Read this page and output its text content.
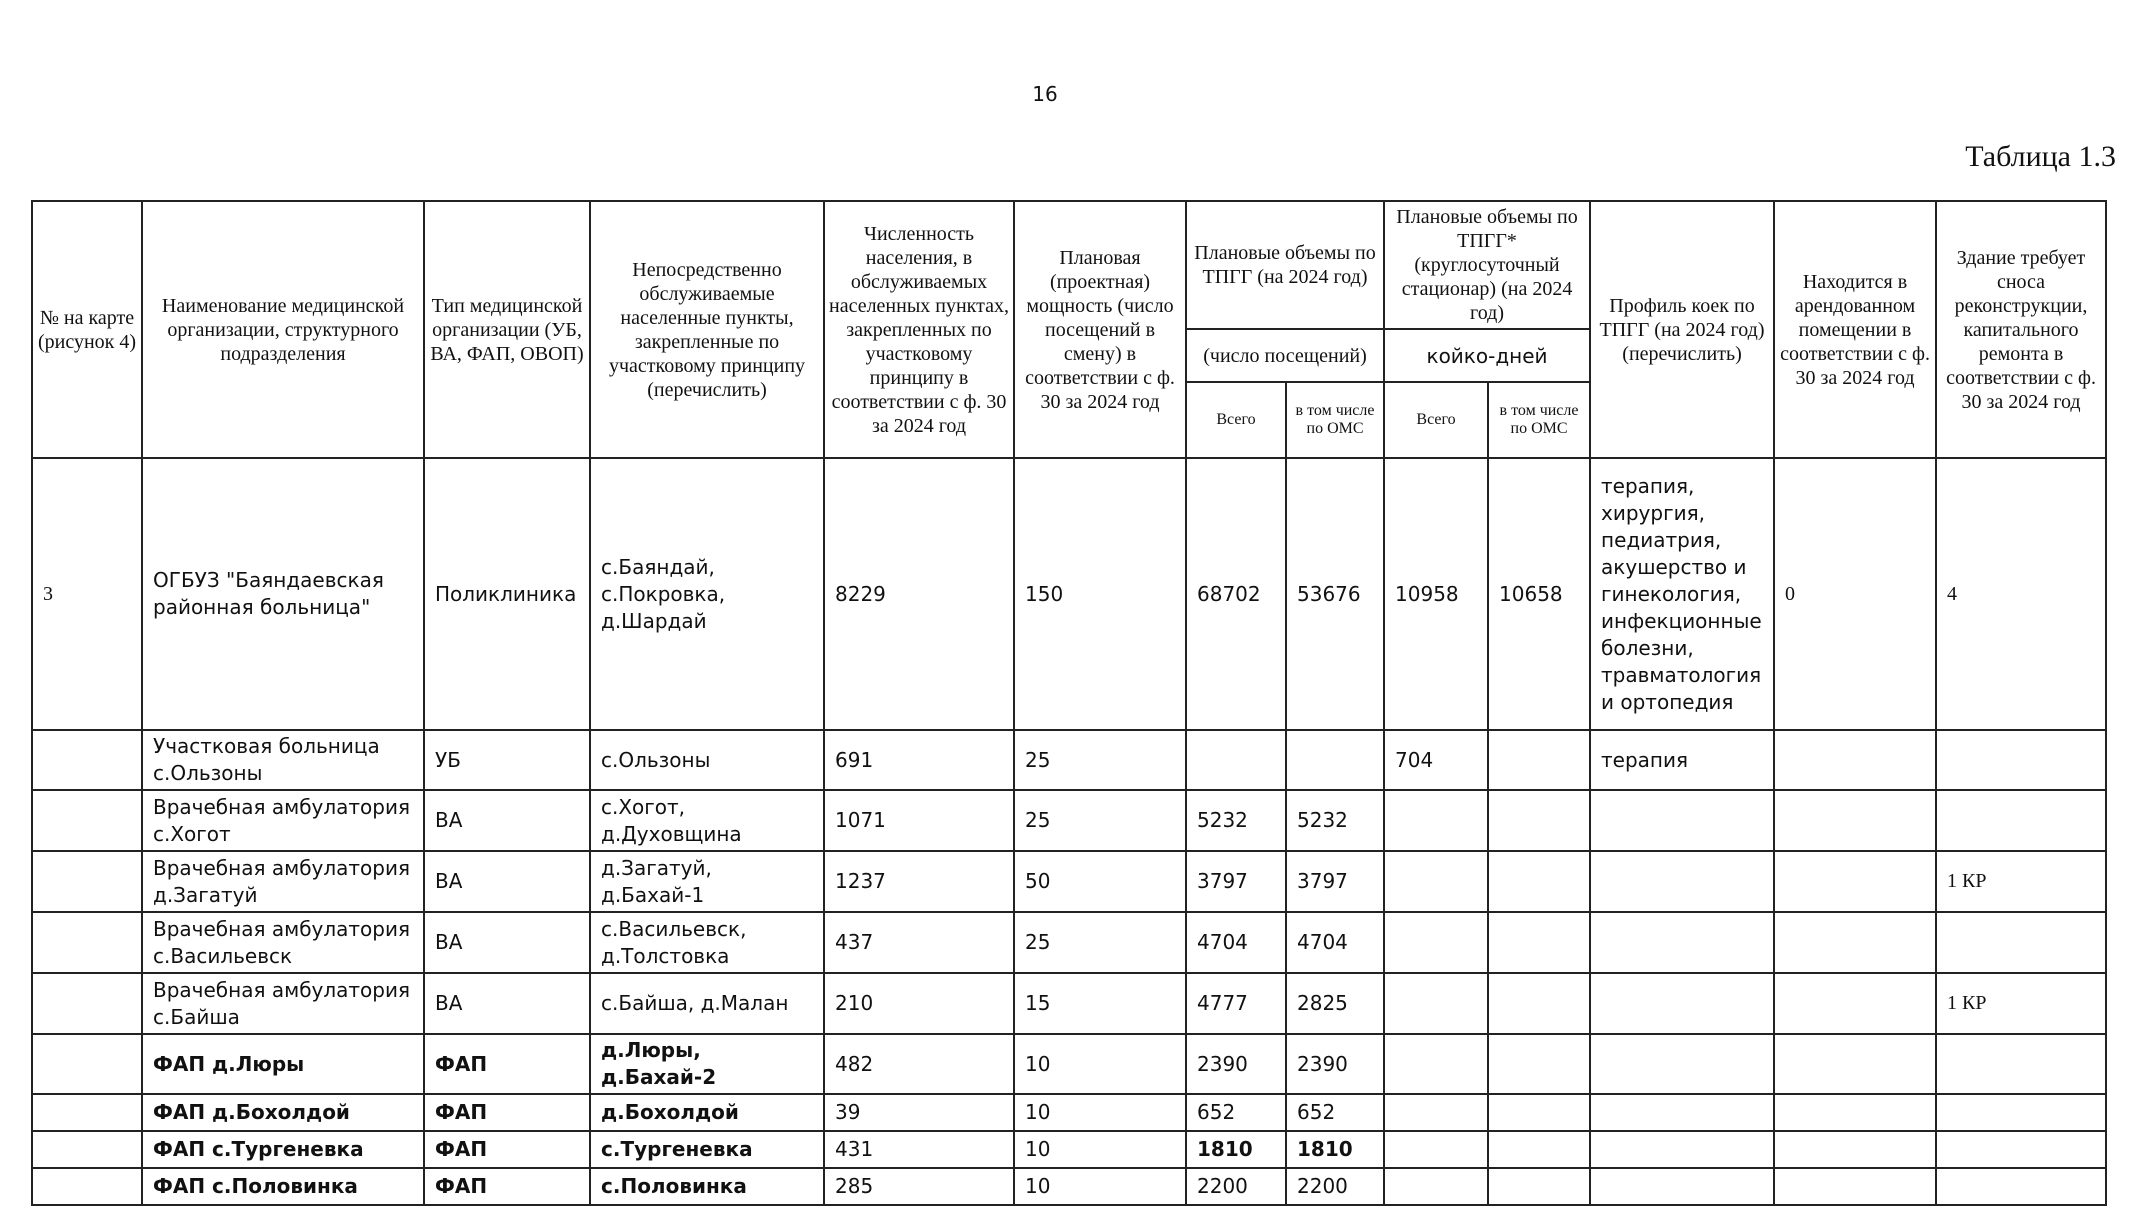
16
Таблица 1.3
№ на карте (рисунок 4)	Наименование медицинской организации, структурного подразделения	Тип медицинской организации (УБ, ВА, ФАП, ОВОП)	Непосредственно обслуживаемые населенные пункты, закрепленные по участковому принципу (перечислить)	Численность населения, в обслуживаемых населенных пунктах, закрепленных по участковому принципу в соответствии с ф. 30 за 2024 год	Плановая (проектная) мощность (число посещений в смену) в соответствии с ф. 30 за 2024 год	Плановые объемы по ТПГГ (на 2024 год)		Плановые объемы по ТПГГ* (круглосуточный стационар) (на 2024 год)		Профиль коек по ТПГГ (на 2024 год) (перечислить)	Находится в арендованном помещении в соответствии с ф. 30 за 2024 год	Здание требует сноса реконструкции, капитального ремонта в соответствии с ф. 30 за 2024 год
						(число посещений)		койко-дней				
						Всего	в том числе по ОМС	Всего	в том числе по ОМС			
3	ОГБУЗ "Баяндаевская районная больница"	Поликлиника	с.Баяндай, с.Покровка, д.Шардай	8229	150	68702	53676	10958	10658	терапия, хирургия, педиатрия, акушерство и гинекология, инфекционные болезни, травматология и ортопедия	0	4
	Участковая больница с.Ользоны	УБ	с.Ользоны	691	25			704		терапия		
	Врачебная амбулатория с.Хогот	ВА	с.Хогот, д.Духовщина	1071	25	5232	5232					
	Врачебная амбулатория д.Загатуй	ВА	д.Загатуй, д.Бахай-1	1237	50	3797	3797					1 КР
	Врачебная амбулатория с.Васильевск	ВА	с.Васильевск, д.Толстовка	437	25	4704	4704					
	Врачебная амбулатория с.Байша	ВА	с.Байша, д.Малан	210	15	4777	2825					1 КР
	ФАП д.Люры	ФАП	д.Люры, д.Бахай-2	482	10	2390	2390					
	ФАП д.Бохолдой	ФАП	д.Бохолдой	39	10	652	652					
	ФАП с.Тургеневка	ФАП	с.Тургеневка	431	10	1810	1810					
	ФАП с.Половинка	ФАП	с.Половинка	285	10	2200	2200					
